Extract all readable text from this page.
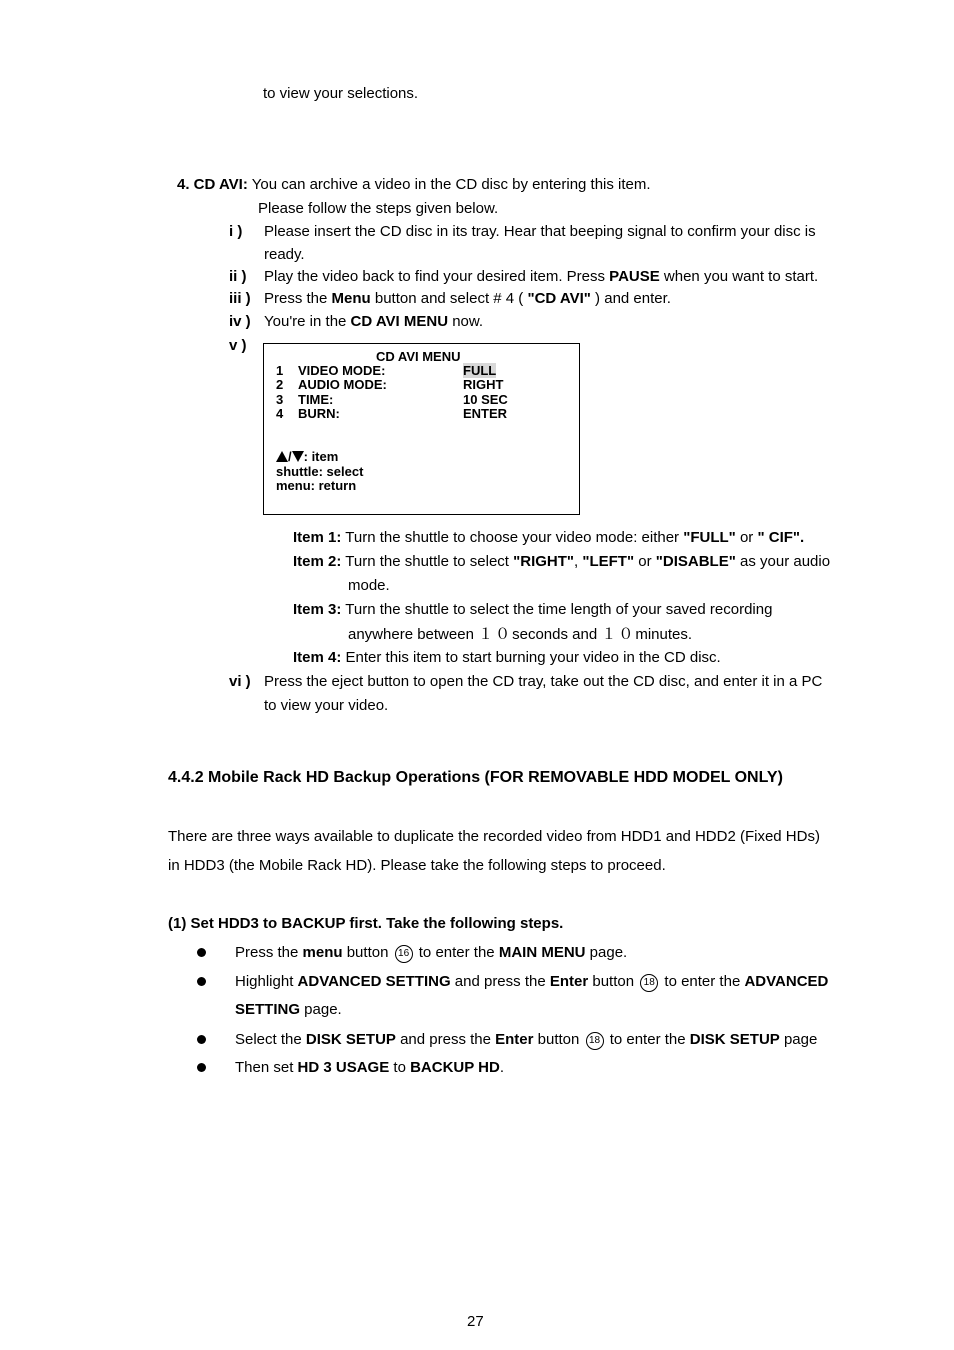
to view your selections.
4. CD AVI: You can archive a video in the CD disc by entering this item.
Please follow the steps given below.
i ) Please insert the CD disc in its tray. Hear that beeping signal to confirm your disc is
ready.
ii ) Play the video back to find your desired item. Press PAUSE when you want to start.
iii ) Press the Menu button and select # 4 ( "CD AVI" ) and enter.
iv ) You're in the CD AVI MENU now.
v )
CD AVI MENU
1 VIDEO MODE:	FULL
2 AUDIO MODE:	RIGHT
3 TIME:	10 SEC
4 BURN:	ENTER
/ : item
shuttle: select
menu: return
Item 1: Turn the shuttle to choose your video mode: either "FULL" or " CIF".
Item 2: Turn the shuttle to select "RIGHT", "LEFT" or "DISABLE" as your audio
mode.
Item 3: Turn the shuttle to select the time length of your saved recording
anywhere between １０seconds and １０minutes.
Item 4: Enter this item to start burning your video in the CD disc.
vi ) Press the eject button to open the CD tray, take out the CD disc, and enter it in a PC
to view your video.
4.4.2 Mobile Rack HD Backup Operations (FOR REMOVABLE HDD MODEL ONLY)
There are three ways available to duplicate the recorded video from HDD1 and HDD2 (Fixed HDs)
in HDD3 (the Mobile Rack HD). Please take the following steps to proceed.
(1) Set HDD3 to BACKUP first. Take the following steps.
Press the menu button 16 to enter the MAIN MENU page.
Highlight ADVANCED SETTING and press the Enter button 18 to enter the ADVANCED
SETTING page.
Select the DISK SETUP and press the Enter button 18 to enter the DISK SETUP page
Then set HD 3 USAGE to BACKUP HD.
27
